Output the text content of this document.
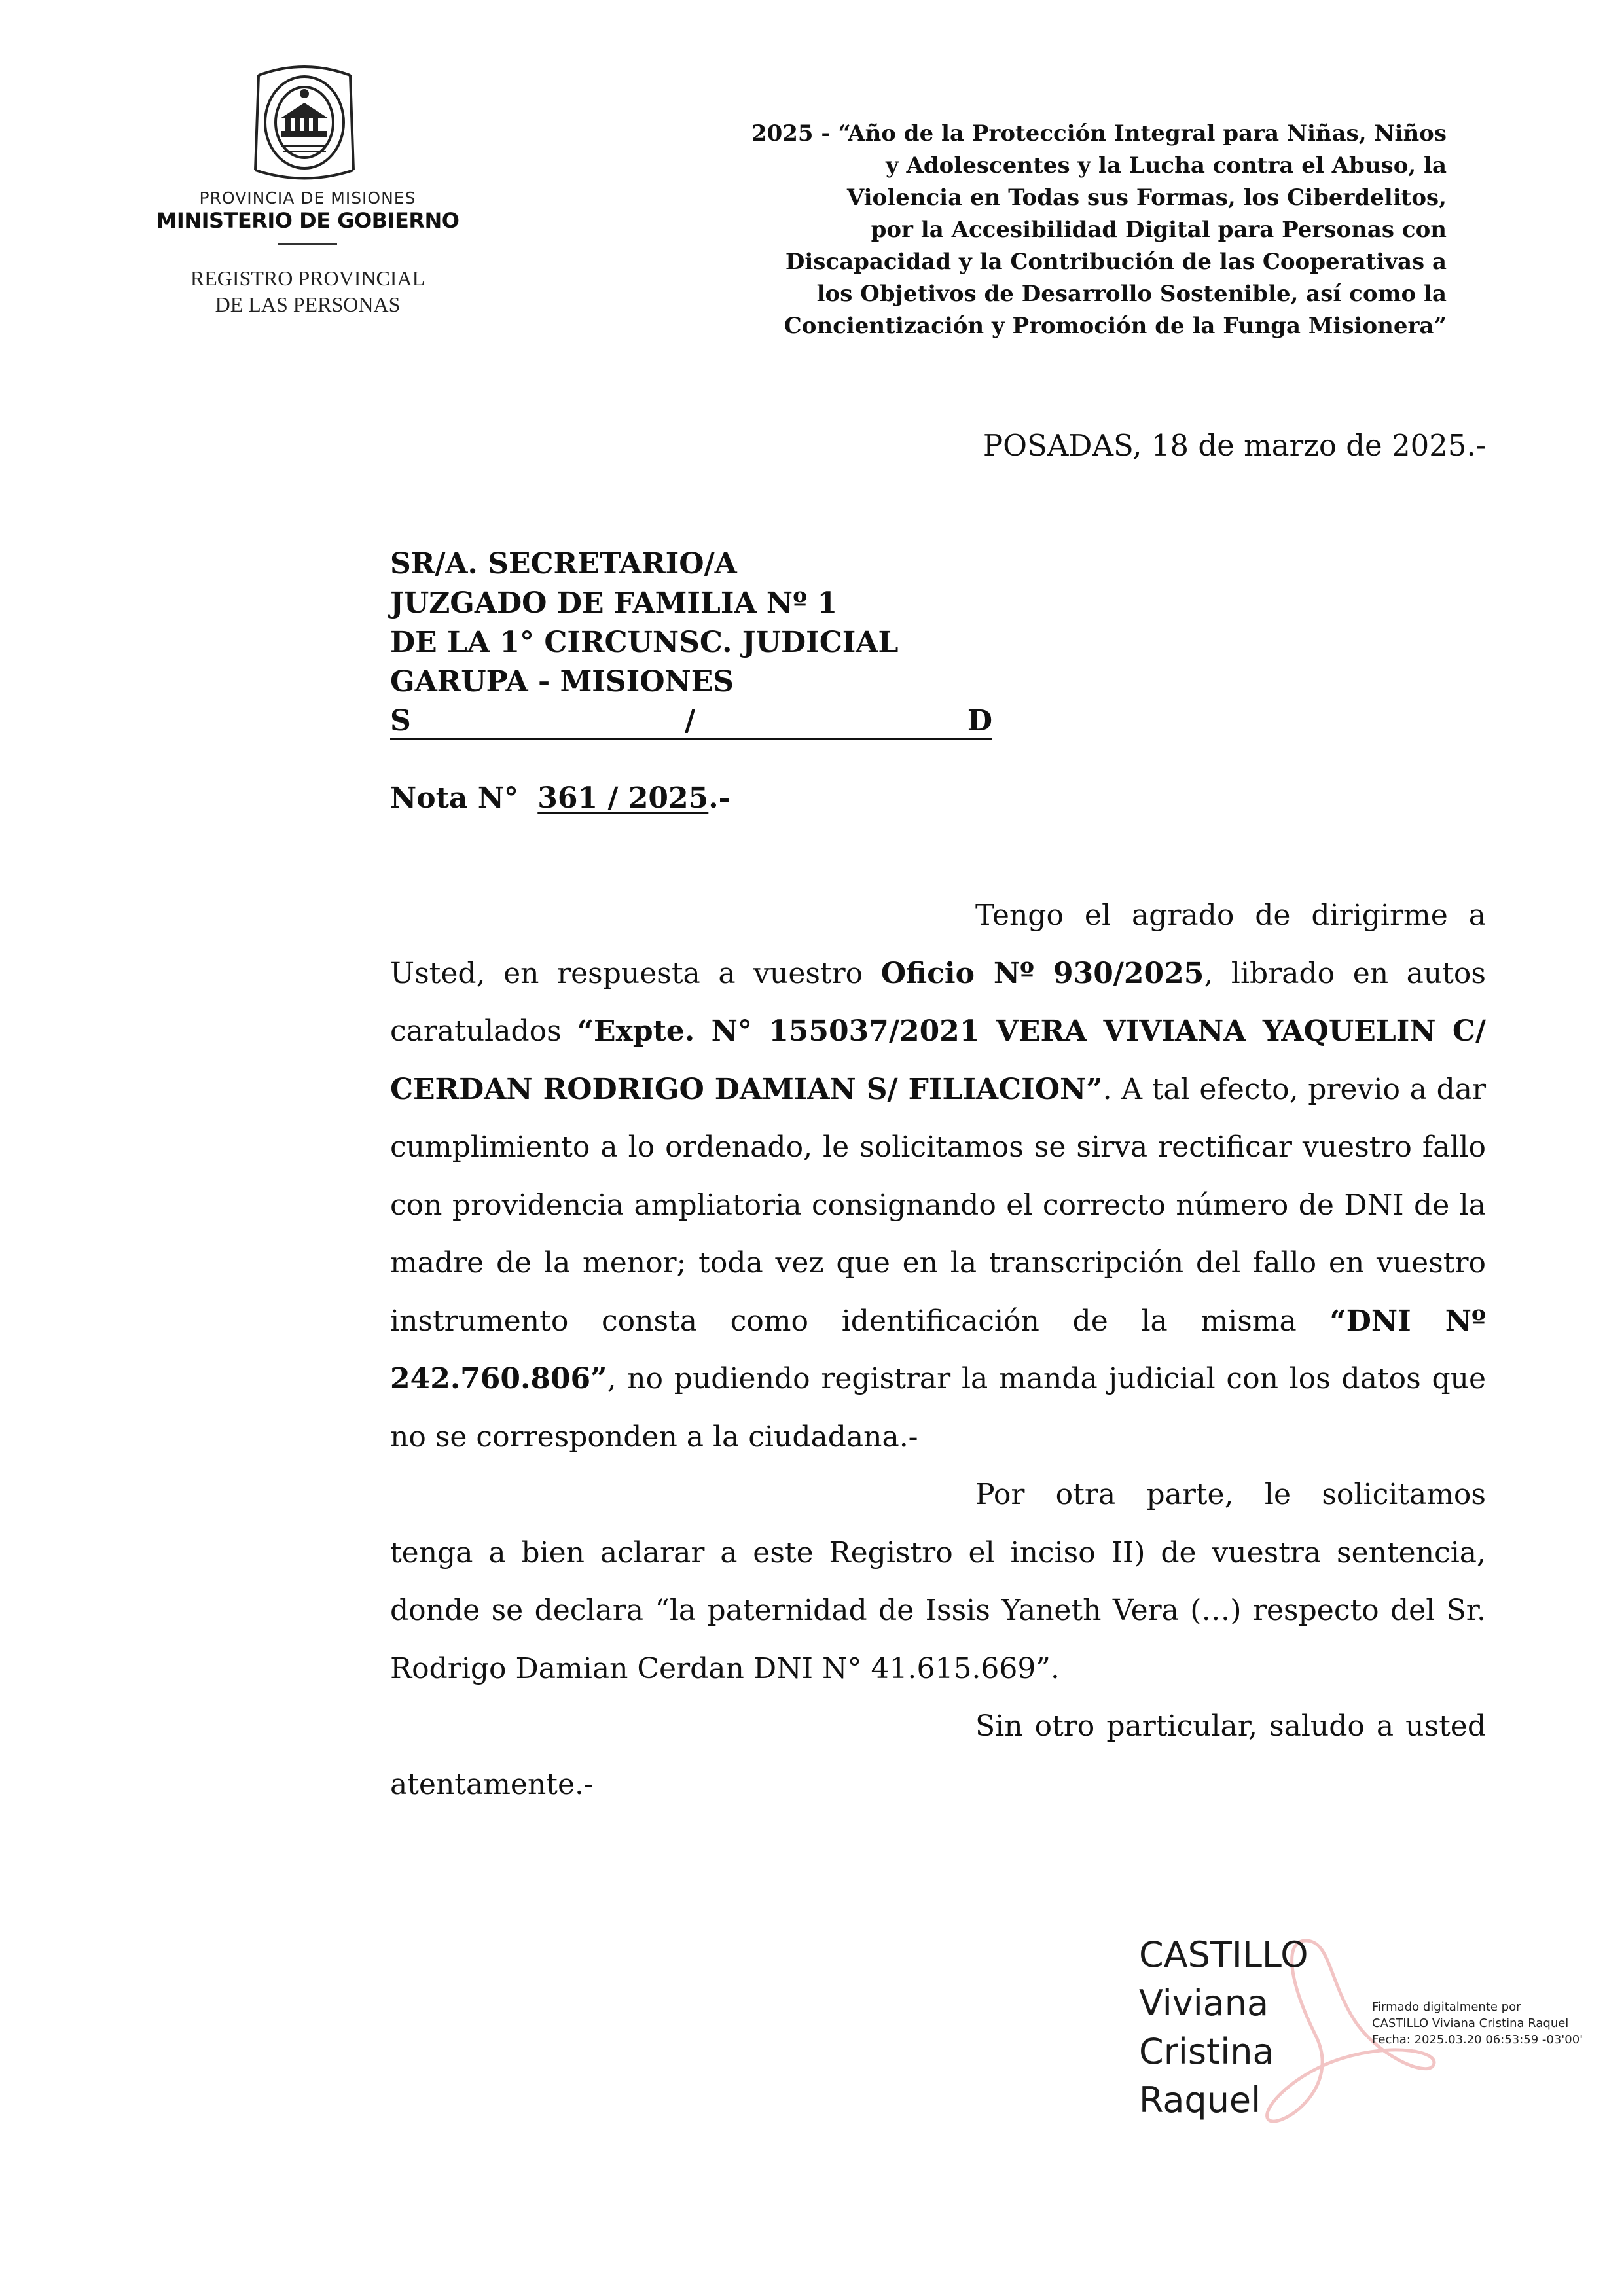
PROVINCIA DE MISIONES
MINISTERIO DE GOBIERNO
REGISTRO PROVINCIAL
DE LAS PERSONAS
2025 - “Año de la Protección Integral para Niñas, Niños
y Adolescentes y la Lucha contra el Abuso, la
Violencia en Todas sus Formas, los Ciberdelitos,
por la Accesibilidad Digital para Personas con
Discapacidad y la Contribución de las Cooperativas a
los Objetivos de Desarrollo Sostenible, así como la
Concientización y Promoción de la Funga Misionera”
POSADAS, 18 de marzo de 2025.-
SR/A. SECRETARIO/A
JUZGADO DE FAMILIA Nº 1
DE LA 1° CIRCUNSC. JUDICIAL
GARUPA - MISIONES
S	/	D
Nota N° 361 / 2025.-

Tengo el agrado de dirigirme a Usted, en respuesta a vuestro Oficio Nº 930/2025, librado en autos caratulados “Expte. N° 155037/2021 VERA VIVIANA YAQUELIN C/ CERDAN RODRIGO DAMIAN S/ FILIACION”. A tal efecto, previo a dar cumplimiento a lo ordenado, le solicitamos se sirva rectificar vuestro fallo con providencia ampliatoria consignando el correcto número de DNI de la madre de la menor; toda vez que en la transcripción del fallo en vuestro instrumento consta como identificación de la misma “DNI Nº 242.760.806”, no pudiendo registrar la manda judicial con los datos que no se corresponden a la ciudadana.-

Por otra parte, le solicitamos tenga a bien aclarar a este Registro el inciso II) de vuestra sentencia, donde se declara “la paternidad de Issis Yaneth Vera (…) respecto del Sr. Rodrigo Damian Cerdan DNI N° 41.615.669”.

Sin otro particular, saludo a usted atentamente.-

CASTILLO
Viviana
Cristina
Raquel
Firmado digitalmente por
CASTILLO Viviana Cristina Raquel
Fecha: 2025.03.20 06:53:59 -03'00'
